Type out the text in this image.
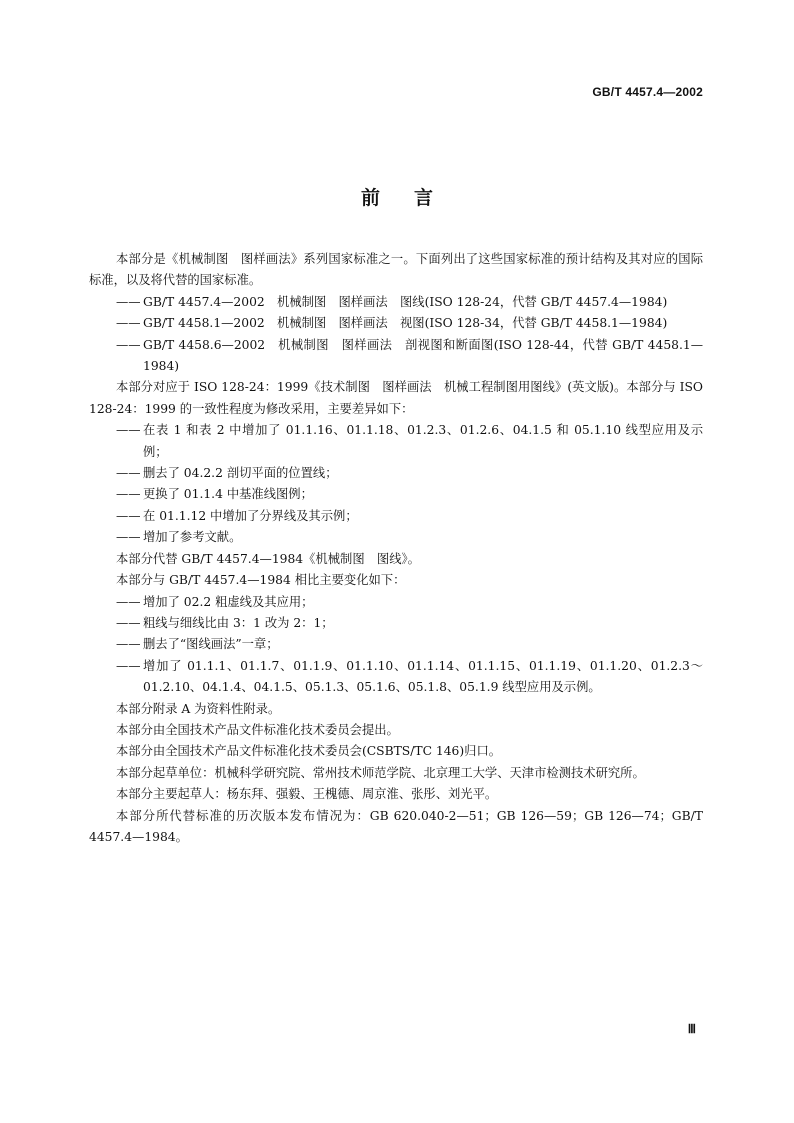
GB/T 4457.4—2002
前言

本部分是《机械制图　图样画法》系列国家标准之一。下面列出了这些国家标准的预计结构及其对应的国际标准，以及将代替的国家标准。

—— GB/T 4457.4—2002　机械制图　图样画法　图线(ISO 128-24，代替 GB/T 4457.4—1984)

—— GB/T 4458.1—2002　机械制图　图样画法　视图(ISO 128-34，代替 GB/T 4458.1—1984)

—— GB/T 4458.6—2002　机械制图　图样画法　剖视图和断面图(ISO 128-44，代替 GB/T 4458.1—1984)

本部分对应于 ISO 128-24：1999《技术制图　图样画法　机械工程制图用图线》(英文版)。本部分与 ISO 128-24：1999 的一致性程度为修改采用，主要差异如下：

—— 在表 1 和表 2 中增加了 01.1.16、01.1.18、01.2.3、01.2.6、04.1.5 和 05.1.10 线型应用及示例；

—— 删去了 04.2.2 剖切平面的位置线；

—— 更换了 01.1.4 中基准线图例；

—— 在 01.1.12 中增加了分界线及其示例；

—— 增加了参考文献。

本部分代替 GB/T 4457.4—1984《机械制图　图线》。

本部分与 GB/T 4457.4—1984 相比主要变化如下：

—— 增加了 02.2 粗虚线及其应用；

—— 粗线与细线比由 3：1 改为 2：1；

—— 删去了“图线画法”一章；

—— 增加了 01.1.1、01.1.7、01.1.9、01.1.10、01.1.14、01.1.15、01.1.19、01.1.20、01.2.3～01.2.10、04.1.4、04.1.5、05.1.3、05.1.6、05.1.8、05.1.9 线型应用及示例。

本部分附录 A 为资料性附录。

本部分由全国技术产品文件标准化技术委员会提出。

本部分由全国技术产品文件标准化技术委员会(CSBTS/TC 146)归口。

本部分起草单位：机械科学研究院、常州技术师范学院、北京理工大学、天津市检测技术研究所。

本部分主要起草人：杨东拜、强毅、王槐德、周京淮、张彤、刘光平。

本部分所代替标准的历次版本发布情况为：GB 620.040-2—51；GB 126—59；GB 126—74；GB/T 4457.4—1984。

Ⅲ
